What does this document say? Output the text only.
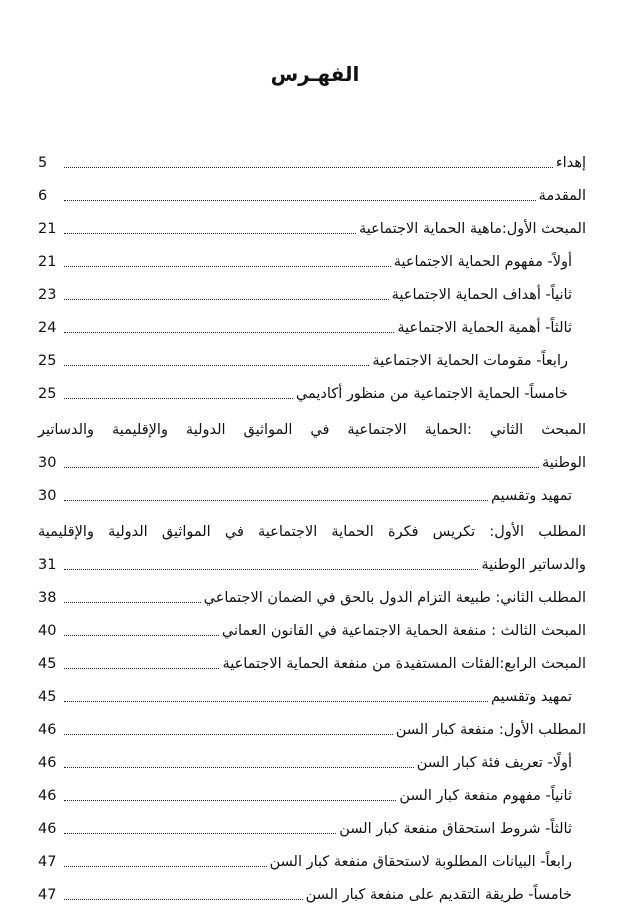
الفهـرس
إهداء
5
المقدمة
6
المبحث الأول:ماهية الحماية الاجتماعية
21
أولاً- مفهوم الحماية الاجتماعية
21
ثانياً- أهداف الحماية الاجتماعية
23
ثالثاً- أهمية الحماية الاجتماعية
24
رابعاً- مقومات الحماية الاجتماعية
25
خامساً- الحماية الاجتماعية من منظور أكاديمي
25
المبحث الثاني :الحماية الاجتماعية في المواثيق الدولية والإقليمية والدساتير
الوطنية
30
تمهيد وتقسيم
30
المطلب الأول: تكريس فكرة الحماية الاجتماعية في المواثيق الدولية والإقليمية
والدساتير الوطنية
31
المطلب الثاني: طبيعة التزام الدول بالحق في الضمان الاجتماعي
38
المبحث الثالث : منفعة الحماية الاجتماعية في القانون العماني
40
المبحث الرابع:الفئات المستفيدة من منفعة الحماية الاجتماعية
45
تمهيد وتقسيم
45
المطلب الأول: منفعة كبار السن
46
أولًا- تعريف فئة كبار السن
46
ثانياً- مفهوم منفعة كبار السن
46
ثالثاً- شروط استحقاق منفعة كبار السن
46
رابعاً- البيانات المطلوبة لاستحقاق منفعة كبار السن
47
خامساً- طريقة التقديم على منفعة كبار السن
47
